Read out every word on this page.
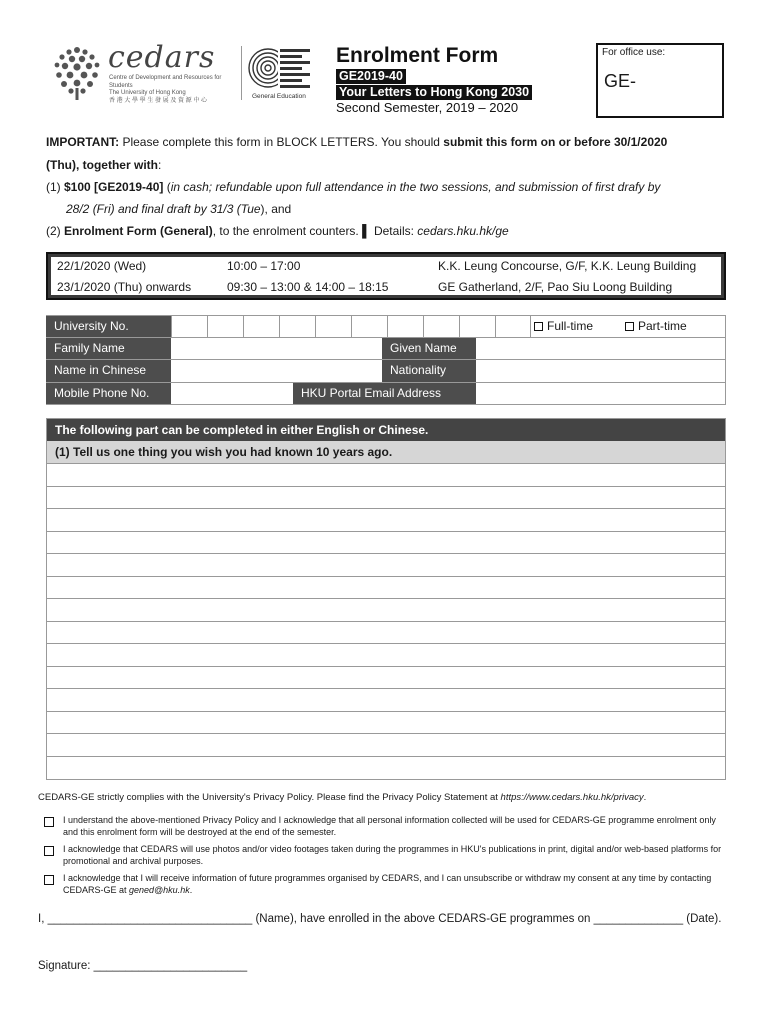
cedars
Centre of Development and Resources for Students
The University of Hong Kong
香 港 大 學 學 生 發 展 及 資 源 中 心
General Education
Enrolment Form
GE2019-40
Your Letters to Hong Kong 2030
Second Semester, 2019 – 2020
For office use:
GE-
IMPORTANT: Please complete this form in BLOCK LETTERS. You should submit this form on or before 30/1/2020
(Thu), together with:
(1) $100 [GE2019-40] (in cash; refundable upon full attendance in the two sessions, and submission of first drafy by
28/2 (Fri) and final draft by 31/3 (Tue), and
(2) Enrolment Form (General), to the enrolment counters. ▌ Details: cedars.hku.hk/ge
22/1/2020 (Wed)	10:00 – 17:00	K.K. Leung Concourse, G/F, K.K. Leung Building
23/1/2020 (Thu) onwards	09:30 – 13:00 & 14:00 – 18:15	GE Gatherland, 2/F, Pao Siu Loong Building
University No.	Full-time	Part-time
Family Name	Given Name
Name in Chinese	Nationality
Mobile Phone No.	HKU Portal Email Address
The following part can be completed in either English or Chinese.
(1) Tell us one thing you wish you had known 10 years ago.
CEDARS-GE strictly complies with the University's Privacy Policy. Please find the Privacy Policy Statement at https://www.cedars.hku.hk/privacy.
I understand the above-mentioned Privacy Policy and I acknowledge that all personal information collected will be used for CEDARS-GE programme enrolment only and this enrolment form will be destroyed at the end of the semester.
I acknowledge that CEDARS will use photos and/or video footages taken during the programmes in HKU's publications in print, digital and/or web-based platforms for promotional and archival purposes.
I acknowledge that I will receive information of future programmes organised by CEDARS, and I can unsubscribe or withdraw my consent at any time by contacting CEDARS-GE at gened@hku.hk.
I, ________________________________ (Name), have enrolled in the above CEDARS-GE programmes on ______________ (Date).
Signature: ________________________
